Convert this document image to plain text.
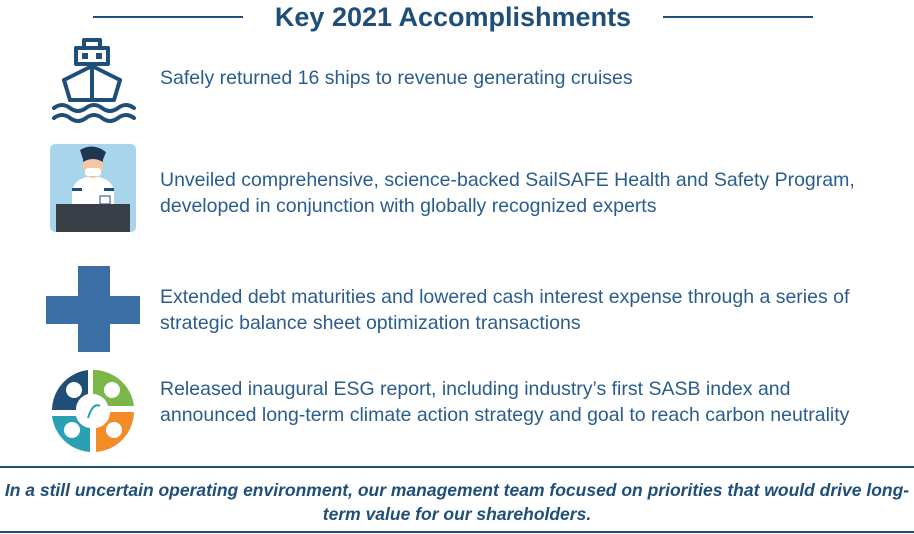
Key 2021 Accomplishments
Safely returned 16 ships to revenue generating cruises
Unveiled comprehensive, science-backed SailSAFE Health and Safety Program, developed in conjunction with globally recognized experts
Extended debt maturities and lowered cash interest expense through a series of strategic balance sheet optimization transactions
Released inaugural ESG report, including industry’s first SASB index and announced long-term climate action strategy and goal to reach carbon neutrality
In a still uncertain operating environment, our management team focused on priorities that would drive long-term value for our shareholders.
